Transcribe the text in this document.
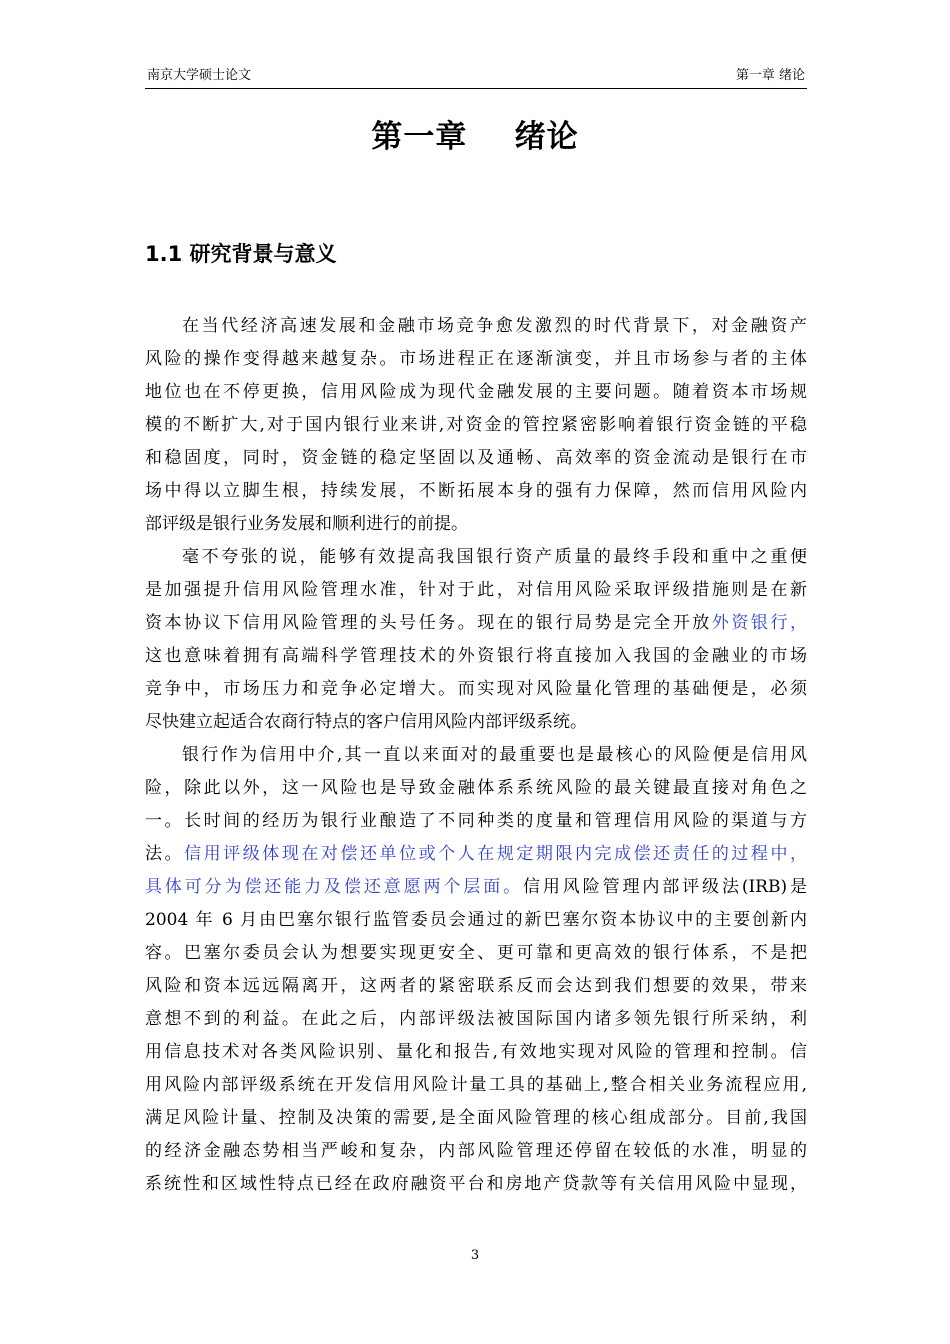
南京大学硕士论文	第一章 绪论
第一章    绪论
1.1 研究背景与意义
在当代经济高速发展和金融市场竞争愈发激烈的时代背景下，对金融资产
风险的操作变得越来越复杂。市场进程正在逐渐演变，并且市场参与者的主体
地位也在不停更换，信用风险成为现代金融发展的主要问题。随着资本市场规
模的不断扩大,对于国内银行业来讲,对资金的管控紧密影响着银行资金链的平稳
和稳固度，同时，资金链的稳定坚固以及通畅、高效率的资金流动是银行在市
场中得以立脚生根，持续发展，不断拓展本身的强有力保障，然而信用风险内
部评级是银行业务发展和顺利进行的前提。
毫不夸张的说，能够有效提高我国银行资产质量的最终手段和重中之重便
是加强提升信用风险管理水准，针对于此，对信用风险采取评级措施则是在新
资本协议下信用风险管理的头号任务。现在的银行局势是完全开放外资银行，
这也意味着拥有高端科学管理技术的外资银行将直接加入我国的金融业的市场
竞争中，市场压力和竞争必定增大。而实现对风险量化管理的基础便是，必须
尽快建立起适合农商行特点的客户信用风险内部评级系统。
银行作为信用中介,其一直以来面对的最重要也是最核心的风险便是信用风
险，除此以外，这一风险也是导致金融体系系统风险的最关键最直接对角色之
一。长时间的经历为银行业酿造了不同种类的度量和管理信用风险的渠道与方
法。信用评级体现在对偿还单位或个人在规定期限内完成偿还责任的过程中，
具体可分为偿还能力及偿还意愿两个层面。信用风险管理内部评级法(IRB)是
2004 年 6 月由巴塞尔银行监管委员会通过的新巴塞尔资本协议中的主要创新内
容。巴塞尔委员会认为想要实现更安全、更可靠和更高效的银行体系，不是把
风险和资本远远隔离开，这两者的紧密联系反而会达到我们想要的效果，带来
意想不到的利益。在此之后，内部评级法被国际国内诸多领先银行所采纳，利
用信息技术对各类风险识别、量化和报告,有效地实现对风险的管理和控制。信
用风险内部评级系统在开发信用风险计量工具的基础上,整合相关业务流程应用,
满足风险计量、控制及决策的需要,是全面风险管理的核心组成部分。目前,我国
的经济金融态势相当严峻和复杂，内部风险管理还停留在较低的水准，明显的
系统性和区域性特点已经在政府融资平台和房地产贷款等有关信用风险中显现，
3
